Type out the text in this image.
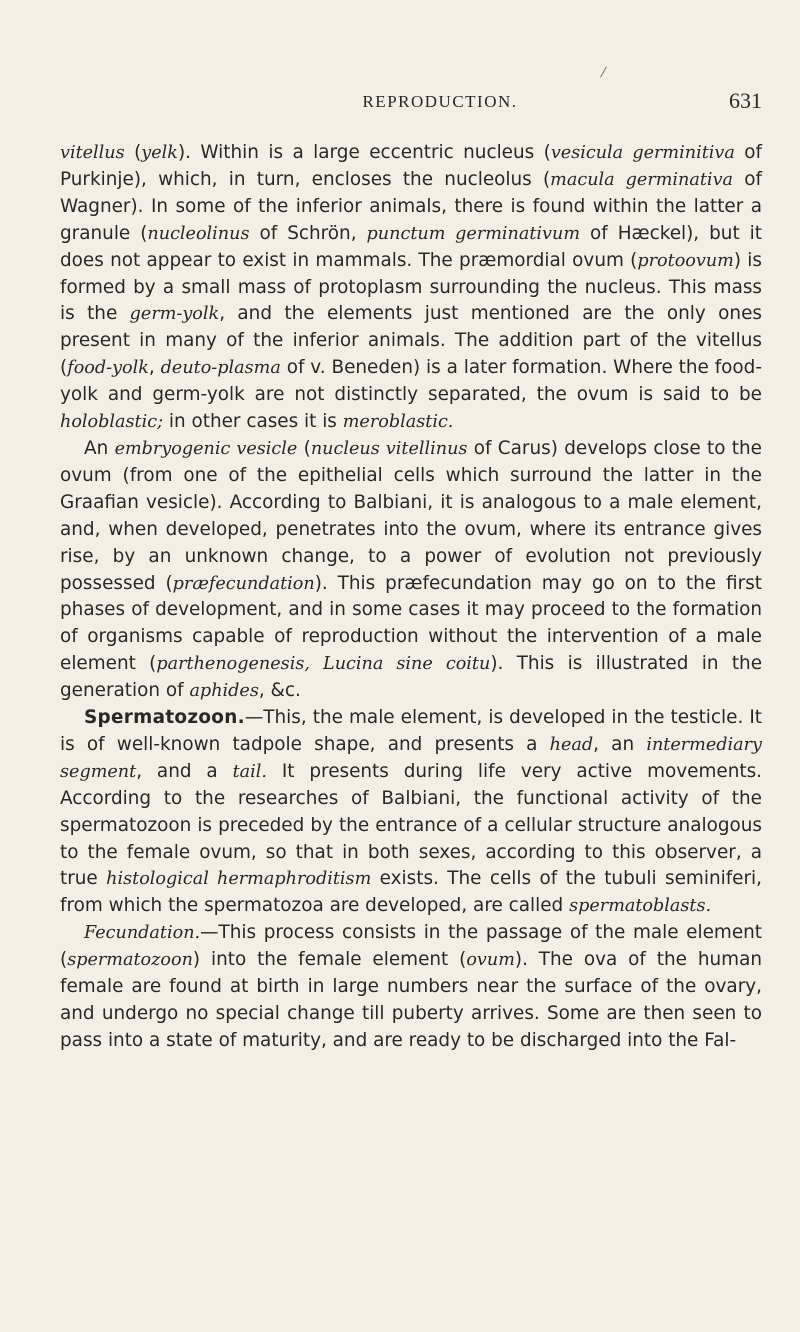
REPRODUCTION.	631

vitellus (yelk). Within is a large eccentric nucleus (vesicula germinitiva of Purkinje), which, in turn, encloses the nucleolus (macula germinativa of Wagner). In some of the inferior animals, there is found within the latter a granule (nucleolinus of Schrön, punctum germinativum of Hæckel), but it does not appear to exist in mammals. The præmordial ovum (protoovum) is formed by a small mass of protoplasm surrounding the nucleus. This mass is the germ-yolk, and the elements just mentioned are the only ones present in many of the inferior animals. The addition part of the vitellus (food-yolk, deuto-plasma of v. Beneden) is a later formation. Where the food-yolk and germ-yolk are not distinctly separated, the ovum is said to be holoblastic; in other cases it is meroblastic.

An embryogenic vesicle (nucleus vitellinus of Carus) develops close to the ovum (from one of the epithelial cells which surround the latter in the Graafian vesicle). According to Balbiani, it is analogous to a male element, and, when developed, penetrates into the ovum, where its entrance gives rise, by an unknown change, to a power of evolution not previously possessed (præfecundation). This præfecundation may go on to the first phases of development, and in some cases it may proceed to the formation of organisms capable of reproduction without the intervention of a male element (parthenogenesis, Lucina sine coitu). This is illustrated in the generation of aphides, &c.

Spermatozoon.—This, the male element, is developed in the testicle. It is of well-known tadpole shape, and presents a head, an intermediary segment, and a tail. It presents during life very active movements. According to the researches of Balbiani, the functional activity of the spermatozoon is preceded by the entrance of a cellular structure analogous to the female ovum, so that in both sexes, according to this observer, a true histological hermaphroditism exists. The cells of the tubuli seminiferi, from which the spermatozoa are developed, are called spermatoblasts.

Fecundation.—This process consists in the passage of the male element (spermatozoon) into the female element (ovum). The ova of the human female are found at birth in large numbers near the surface of the ovary, and undergo no special change till puberty arrives. Some are then seen to pass into a state of maturity, and are ready to be discharged into the Fal-
